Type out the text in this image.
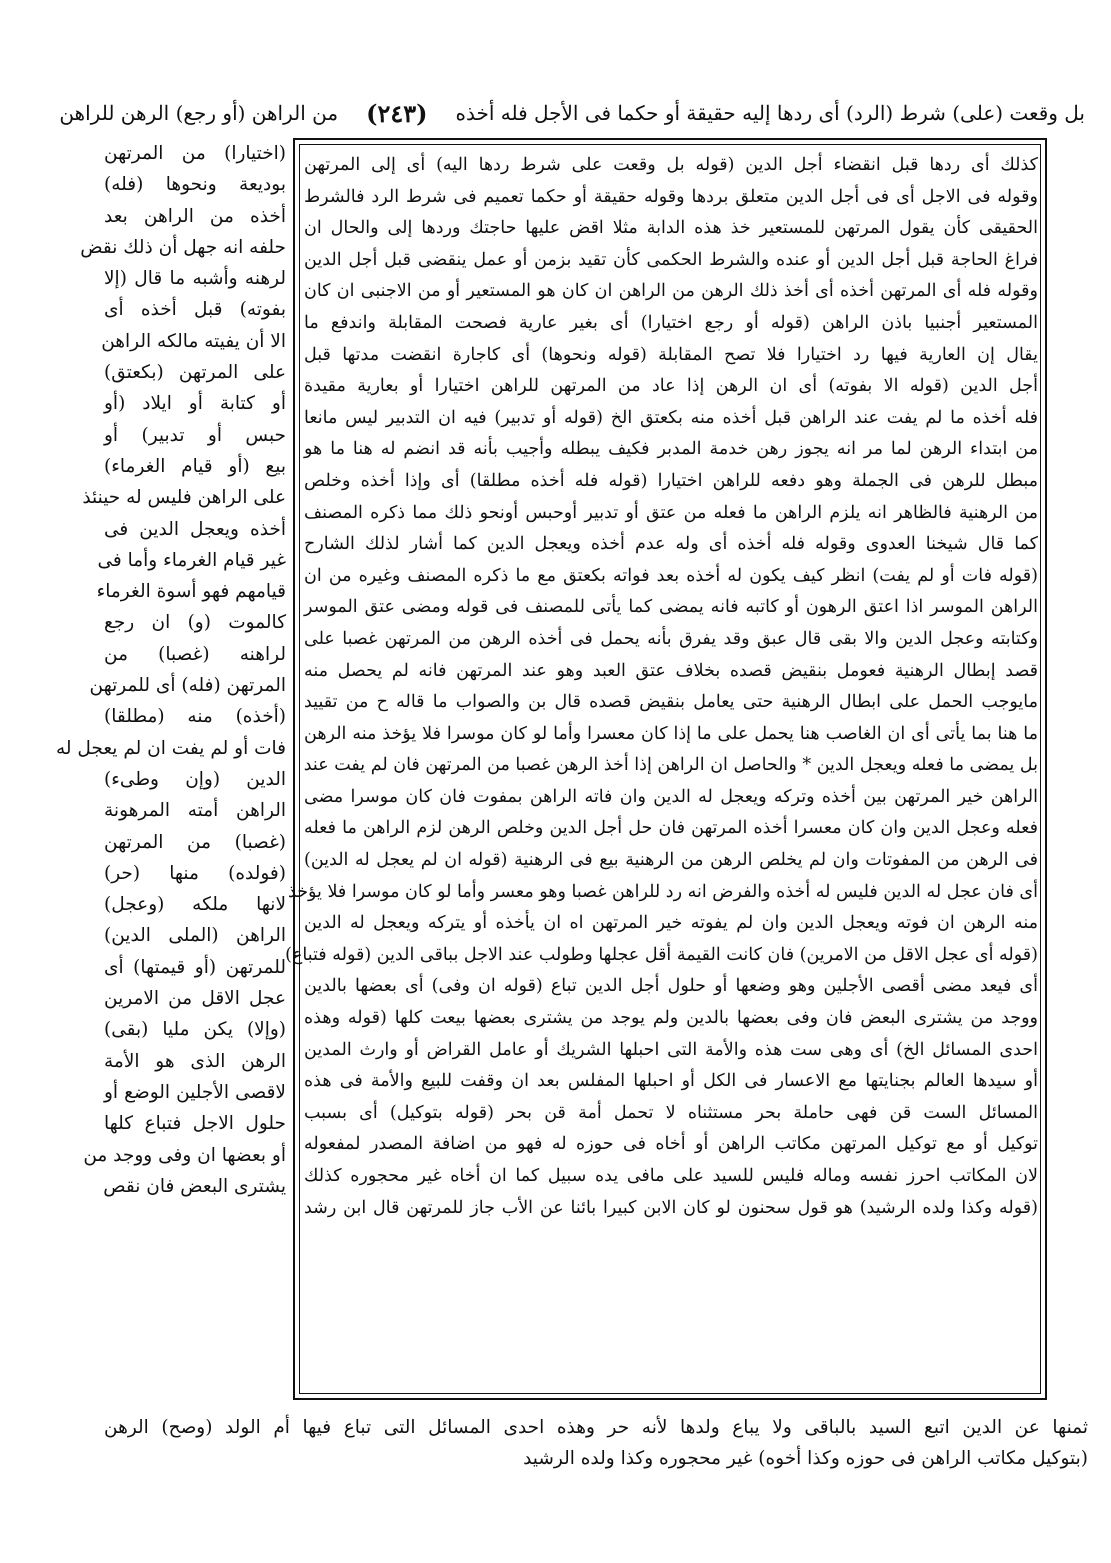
بل وقعت (على) شرط (الرد) أى ردها إليه حقيقة أو حكما فى الأجل فله أخذه
(٢٤٣)
من الراهن (أو رجع) الرهن للراهن
(اختيارا) من المرتهن
بوديعة ونحوها (فله)
أخذه من الراهن بعد
حلفه انه جهل أن ذلك نقض
لرهنه وأشبه ما قال (إلا
بفوته) قبل أخذه أى
الا أن يفيته مالكه الراهن
على المرتهن (بكعتق)
أو كتابة أو ايلاد (أو
حبس أو تدبير) أو
بيع (أو قيام الغرماء)
على الراهن فليس له حينئذ
أخذه ويعجل الدين فى
غير قيام الغرماء وأما فى
قيامهم فهو أسوة الغرماء
كالموت (و) ان رجع
لراهنه (غصبا) من
المرتهن (فله) أى للمرتهن
(أخذه) منه (مطلقا)
فات أو لم يفت ان لم يعجل له
الدين (وإن وطىء)
الراهن أمته المرهونة
(غصبا) من المرتهن
(فولده) منها (حر)
لانها ملكه (وعجل)
الراهن (الملى الدين)
للمرتهن (أو قيمتها) أى
عجل الاقل من الامرين
(وإلا) يكن مليا (بقى)
الرهن الذى هو الأمة
لاقصى الأجلين الوضع أو
حلول الاجل فتباع كلها
أو بعضها ان وفى ووجد من
يشترى البعض فان نقص
كذلك أى ردها قبل انقضاء أجل الدين (قوله بل وقعت على شرط ردها اليه) أى إلى المرتهن
وقوله فى الاجل أى فى أجل الدين متعلق بردها وقوله حقيقة أو حكما تعميم فى شرط الرد فالشرط
الحقيقى كأن يقول المرتهن للمستعير خذ هذه الدابة مثلا اقض عليها حاجتك وردها إلى والحال ان
فراغ الحاجة قبل أجل الدين أو عنده والشرط الحكمى كأن تقيد بزمن أو عمل ينقضى قبل أجل الدين
وقوله فله أى المرتهن أخذه أى أخذ ذلك الرهن من الراهن ان كان هو المستعير أو من الاجنبى ان كان
المستعير أجنبيا باذن الراهن (قوله أو رجع اختيارا) أى بغير عارية فصحت المقابلة واندفع ما
يقال إن العارية فيها رد اختيارا فلا تصح المقابلة (قوله ونحوها) أى كاجارة انقضت مدتها قبل
أجل الدين (قوله الا بفوته) أى ان الرهن إذا عاد من المرتهن للراهن اختيارا أو بعارية مقيدة
فله أخذه ما لم يفت عند الراهن قبل أخذه منه بكعتق الخ (قوله أو تدبير) فيه ان التدبير ليس مانعا
من ابتداء الرهن لما مر انه يجوز رهن خدمة المدبر فكيف يبطله وأجيب بأنه قد انضم له هنا ما هو
مبطل للرهن فى الجملة وهو دفعه للراهن اختيارا (قوله فله أخذه مطلقا) أى وإذا أخذه وخلص
من الرهنية فالظاهر انه يلزم الراهن ما فعله من عتق أو تدبير أوحبس أونحو ذلك مما ذكره المصنف
كما قال شيخنا العدوى وقوله فله أخذه أى وله عدم أخذه ويعجل الدين كما أشار لذلك الشارح
(قوله فات أو لم يفت) انظر كيف يكون له أخذه بعد فواته بكعتق مع ما ذكره المصنف وغيره من ان
الراهن الموسر اذا اعتق الرهون أو كاتبه فانه يمضى كما يأتى للمصنف فى قوله ومضى عتق الموسر
وكتابته وعجل الدين والا بقى قال عبق وقد يفرق بأنه يحمل فى أخذه الرهن من المرتهن غصبا على
قصد إبطال الرهنية فعومل بنقيض قصده بخلاف عتق العبد وهو عند المرتهن فانه لم يحصل منه
مايوجب الحمل على ابطال الرهنية حتى يعامل بنقيض قصده قال بن والصواب ما قاله ح من تقييد
ما هنا بما يأتى أى ان الغاصب هنا يحمل على ما إذا كان معسرا وأما لو كان موسرا فلا يؤخذ منه الرهن
بل يمضى ما فعله ويعجل الدين * والحاصل ان الراهن إذا أخذ الرهن غصبا من المرتهن فان لم يفت عند
الراهن خير المرتهن بين أخذه وتركه ويعجل له الدين وان فاته الراهن بمفوت فان كان موسرا مضى
فعله وعجل الدين وان كان معسرا أخذه المرتهن فان حل أجل الدين وخلص الرهن لزم الراهن ما فعله
فى الرهن من المفوتات وان لم يخلص الرهن من الرهنية بيع فى الرهنية (قوله ان لم يعجل له الدين)
أى فان عجل له الدين فليس له أخذه والفرض انه رد للراهن غصبا وهو معسر وأما لو كان موسرا فلا يؤخذ
منه الرهن ان فوته ويعجل الدين وان لم يفوته خير المرتهن اه ان يأخذه أو يتركه ويعجل له الدين
(قوله أى عجل الاقل من الامرين) فان كانت القيمة أقل عجلها وطولب عند الاجل بباقى الدين (قوله فتباع)
أى فيعد مضى أقصى الأجلين وهو وضعها أو حلول أجل الدين تباع (قوله ان وفى) أى بعضها بالدين
ووجد من يشترى البعض فان وفى بعضها بالدين ولم يوجد من يشترى بعضها بيعت كلها (قوله وهذه
احدى المسائل الخ) أى وهى ست هذه والأمة التى احبلها الشريك أو عامل القراض أو وارث المدين
أو سيدها العالم بجنايتها مع الاعسار فى الكل أو احبلها المفلس بعد ان وقفت للبيع والأمة فى هذه
المسائل الست قن فهى حاملة بحر مستثناه لا تحمل أمة قن بحر (قوله بتوكيل) أى بسبب
توكيل أو مع توكيل المرتهن مكاتب الراهن أو أخاه فى حوزه له فهو من اضافة المصدر لمفعوله
لان المكاتب احرز نفسه وماله فليس للسيد على مافى يده سبيل كما ان أخاه غير محجوره كذلك
(قوله وكذا ولده الرشيد) هو قول سحنون لو كان الابن كبيرا بائنا عن الأب جاز للمرتهن قال ابن رشد
ثمنها عن الدين اتبع السيد بالباقى ولا يباع ولدها لأنه حر وهذه احدى المسائل التى تباع فيها أم الولد (وصح) الرهن
(بتوكيل مكاتب الراهن فى حوزه وكذا أخوه) غير محجوره وكذا ولده الرشيد
